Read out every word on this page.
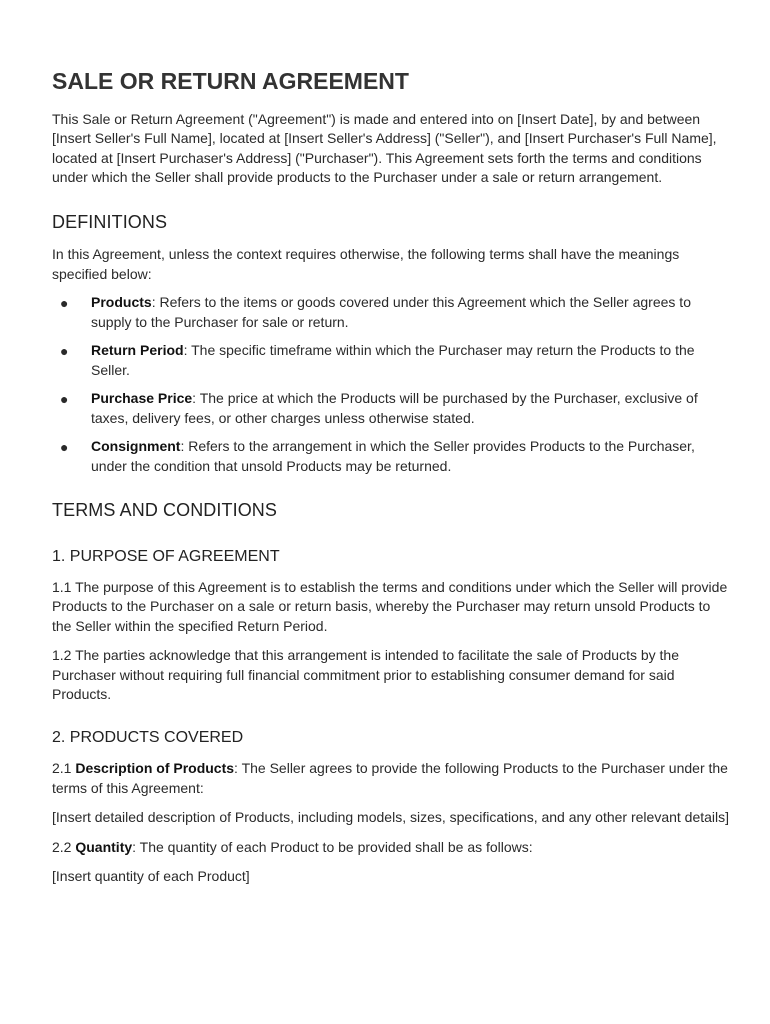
SALE OR RETURN AGREEMENT

This Sale or Return Agreement ("Agreement") is made and entered into on [Insert Date], by and between [Insert Seller's Full Name], located at [Insert Seller's Address] ("Seller"), and [Insert Purchaser's Full Name], located at [Insert Purchaser's Address] ("Purchaser"). This Agreement sets forth the terms and conditions under which the Seller shall provide products to the Purchaser under a sale or return arrangement.

DEFINITIONS

In this Agreement, unless the context requires otherwise, the following terms shall have the meanings specified below:

● Products: Refers to the items or goods covered under this Agreement which the Seller agrees to supply to the Purchaser for sale or return.
● Return Period: The specific timeframe within which the Purchaser may return the Products to the Seller.
● Purchase Price: The price at which the Products will be purchased by the Purchaser, exclusive of taxes, delivery fees, or other charges unless otherwise stated.
● Consignment: Refers to the arrangement in which the Seller provides Products to the Purchaser, under the condition that unsold Products may be returned.
TERMS AND CONDITIONS
1. PURPOSE OF AGREEMENT

1.1 The purpose of this Agreement is to establish the terms and conditions under which the Seller will provide Products to the Purchaser on a sale or return basis, whereby the Purchaser may return unsold Products to the Seller within the specified Return Period.

1.2 The parties acknowledge that this arrangement is intended to facilitate the sale of Products by the Purchaser without requiring full financial commitment prior to establishing consumer demand for said Products.

2. PRODUCTS COVERED

2.1 Description of Products: The Seller agrees to provide the following Products to the Purchaser under the terms of this Agreement:

[Insert detailed description of Products, including models, sizes, specifications, and any other relevant details]

2.2 Quantity: The quantity of each Product to be provided shall be as follows:

[Insert quantity of each Product]
